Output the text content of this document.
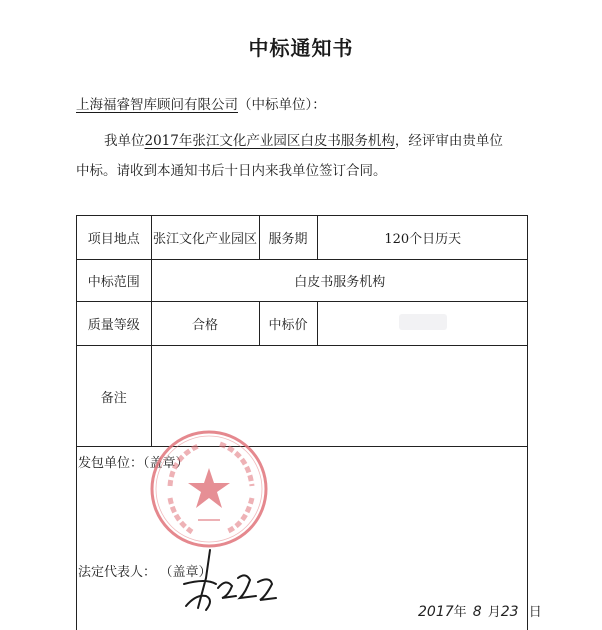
中标通知书
上海福睿智库顾问有限公司（中标单位）：
我单位2017年张江文化产业园区白皮书服务机构，经评审由贵单位
中标。请收到本通知书后十日内来我单位签订合同。
项目地点	张江文化产业园区	服务期	120个日历天
中标范围	白皮书服务机构		
质量等级	合格	中标价	
备注			
发包单位：（盖章）
法定代表人： （盖章）
2017年 8 月23 日
